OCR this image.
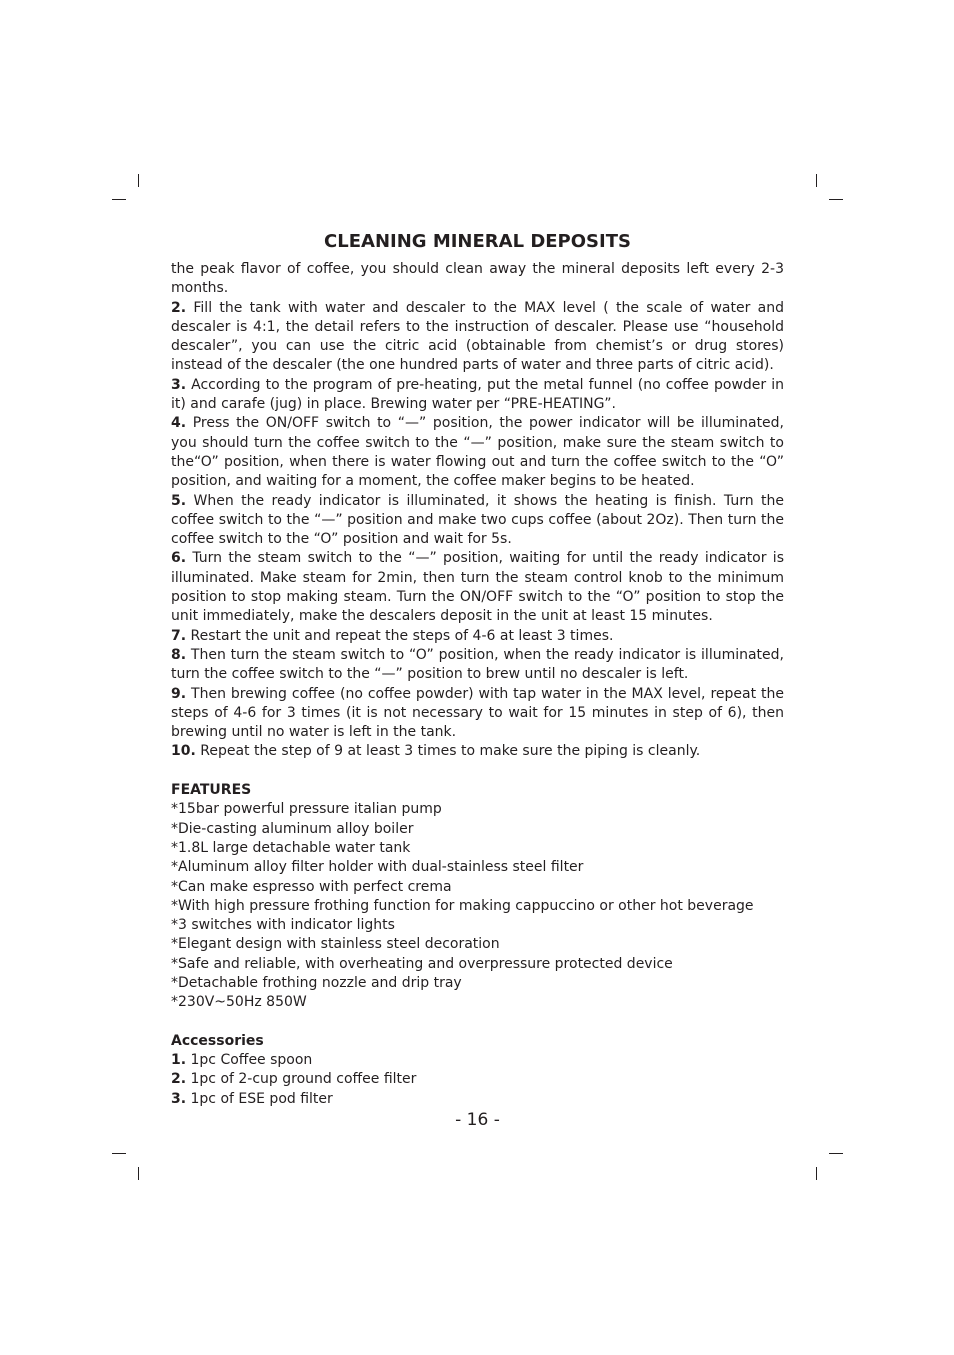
CLEANING MINERAL DEPOSITS

the peak flavor of coffee, you should clean away the mineral deposits left every 2-3 months.

2. Fill the tank with water and descaler to the MAX level ( the scale of water and descaler is 4:1, the detail refers to the instruction of descaler. Please use “household descaler”, you can use the citric acid (obtainable from chemist’s or drug stores) instead of the descaler (the one hundred parts of water and three parts of citric acid).

3. According to the program of pre-heating, put the metal funnel (no coffee powder in it) and carafe (jug) in place. Brewing water per “PRE-HEATING”.

4. Press the ON/OFF switch to “—” position, the power indicator will be illuminated, you should turn the coffee switch to the “—” position, make sure the steam switch to the“O” position, when there is water flowing out and turn the coffee switch to the “O” position, and waiting for a moment, the coffee maker begins to be heated.

5. When the ready indicator is illuminated, it shows the heating is finish. Turn the coffee switch to the “—” position and make two cups coffee (about 2Oz). Then turn the coffee switch to the “O” position and wait for 5s.

6. Turn the steam switch to the “—” position, waiting for until the ready indicator is illuminated. Make steam for 2min, then turn the steam control knob to the minimum position to stop making steam. Turn the ON/OFF switch to the “O” position to stop the unit immediately, make the descalers deposit in the unit at least 15 minutes.

7. Restart the unit and repeat the steps of 4-6 at least 3 times.

8. Then turn the steam switch to “O” position, when the ready indicator is illuminated, turn the coffee switch to the “—” position to brew until no descaler is left.

9. Then brewing coffee (no coffee powder) with tap water in the MAX level, repeat the steps of 4-6 for 3 times (it is not necessary to wait for 15 minutes in step of 6), then brewing until no water is left in the tank.

10. Repeat the step of 9 at least 3 times to make sure the piping is cleanly.

FEATURES

*15bar powerful pressure italian pump

*Die-casting aluminum alloy boiler

*1.8L large detachable water tank

*Aluminum alloy filter holder with dual-stainless steel filter

*Can make espresso with perfect crema

*With high pressure frothing function for making cappuccino or other hot beverage

*3 switches with indicator lights

*Elegant design with stainless steel decoration

*Safe and reliable, with overheating and overpressure protected device

*Detachable frothing nozzle and drip tray

*230V~50Hz 850W

Accessories

1. 1pc Coffee spoon

2. 1pc of 2-cup ground coffee filter

3. 1pc of ESE pod filter

- 16 -
